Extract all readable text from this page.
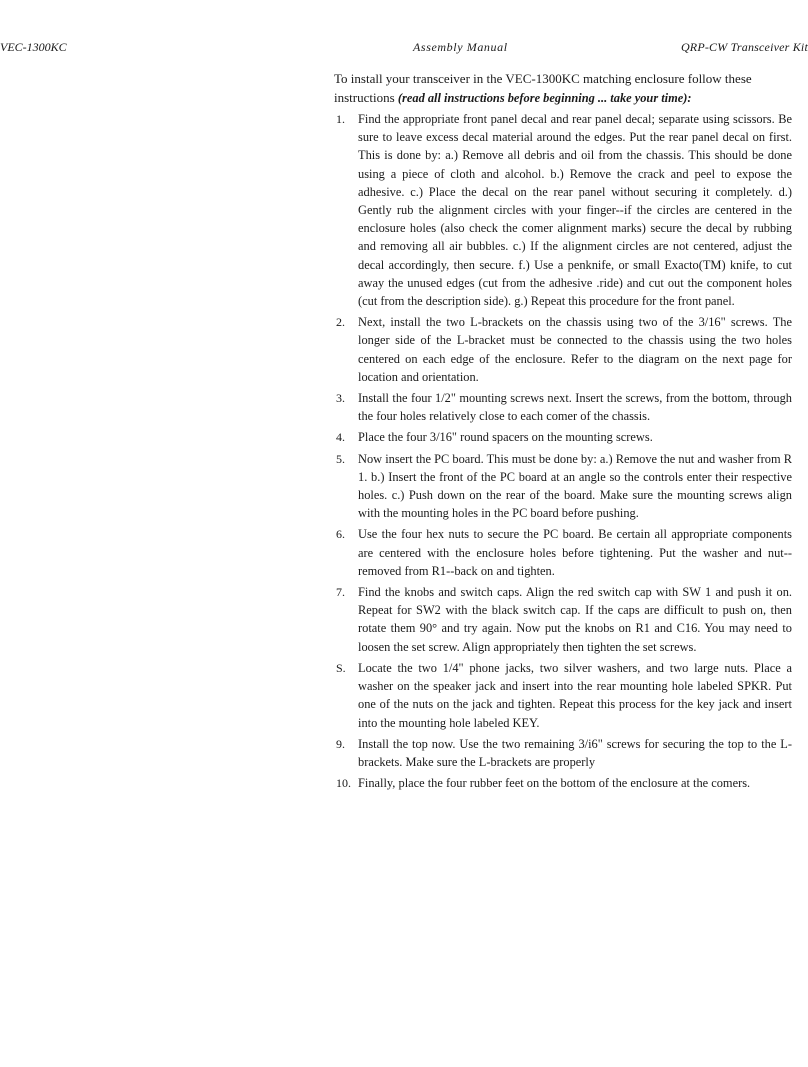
VEC-1300KC	Assembly Manual	QRP-CW Transceiver Kit

To install your transceiver in the VEC-1300KC matching enclosure follow these instructions (read all instructions before beginning ... take your time):

1. Find the appropriate front panel decal and rear panel decal; separate using scissors. Be sure to leave excess decal material around the edges. Put the rear panel decal on first. This is done by: a.) Remove all debris and oil from the chassis. This should be done using a piece of cloth and alcohol. b.) Remove the crack and peel to expose the adhesive. c.) Place the decal on the rear panel without securing it completely. d.) Gently rub the alignment circles with your finger--if the circles are centered in the enclosure holes (also check the comer alignment marks) secure the decal by rubbing and removing all air bubbles. c.) If the alignment circles are not centered, adjust the decal accordingly, then secure. f.) Use a penknife, or small Exacto(TM) knife, to cut away the unused edges (cut from the adhesive .ride) and cut out the component holes (cut from the description side). g.) Repeat this procedure for the front panel.
2. Next, install the two L-brackets on the chassis using two of the 3/16" screws. The longer side of the L-bracket must be connected to the chassis using the two holes centered on each edge of the enclosure. Refer to the diagram on the next page for location and orientation.
3. Install the four 1/2" mounting screws next. Insert the screws, from the bottom, through the four holes relatively close to each comer of the chassis.
4. Place the four 3/16" round spacers on the mounting screws.
5. Now insert the PC board. This must be done by: a.) Remove the nut and washer from R 1. b.) Insert the front of the PC board at an angle so the controls enter their respective holes. c.) Push down on the rear of the board. Make sure the mounting screws align with the mounting holes in the PC board before pushing.
6. Use the four hex nuts to secure the PC board. Be certain all appropriate components are centered with the enclosure holes before tightening. Put the washer and nut--removed from R1--back on and tighten.
7. Find the knobs and switch caps. Align the red switch cap with SW 1 and push it on. Repeat for SW2 with the black switch cap. If the caps are difficult to push on, then rotate them 90° and try again. Now put the knobs on R1 and C16. You may need to loosen the set screw. Align appropriately then tighten the set screws.
S. Locate the two 1/4" phone jacks, two silver washers, and two large nuts. Place a washer on the speaker jack and insert into the rear mounting hole labeled SPKR. Put one of the nuts on the jack and tighten. Repeat this process for the key jack and insert into the mounting hole labeled KEY.
9. Install the top now. Use the two remaining 3/i6" screws for securing the top to the L-brackets. Make sure the L-brackets are properly
10. Finally, place the four rubber feet on the bottom of the enclosure at the comers.
